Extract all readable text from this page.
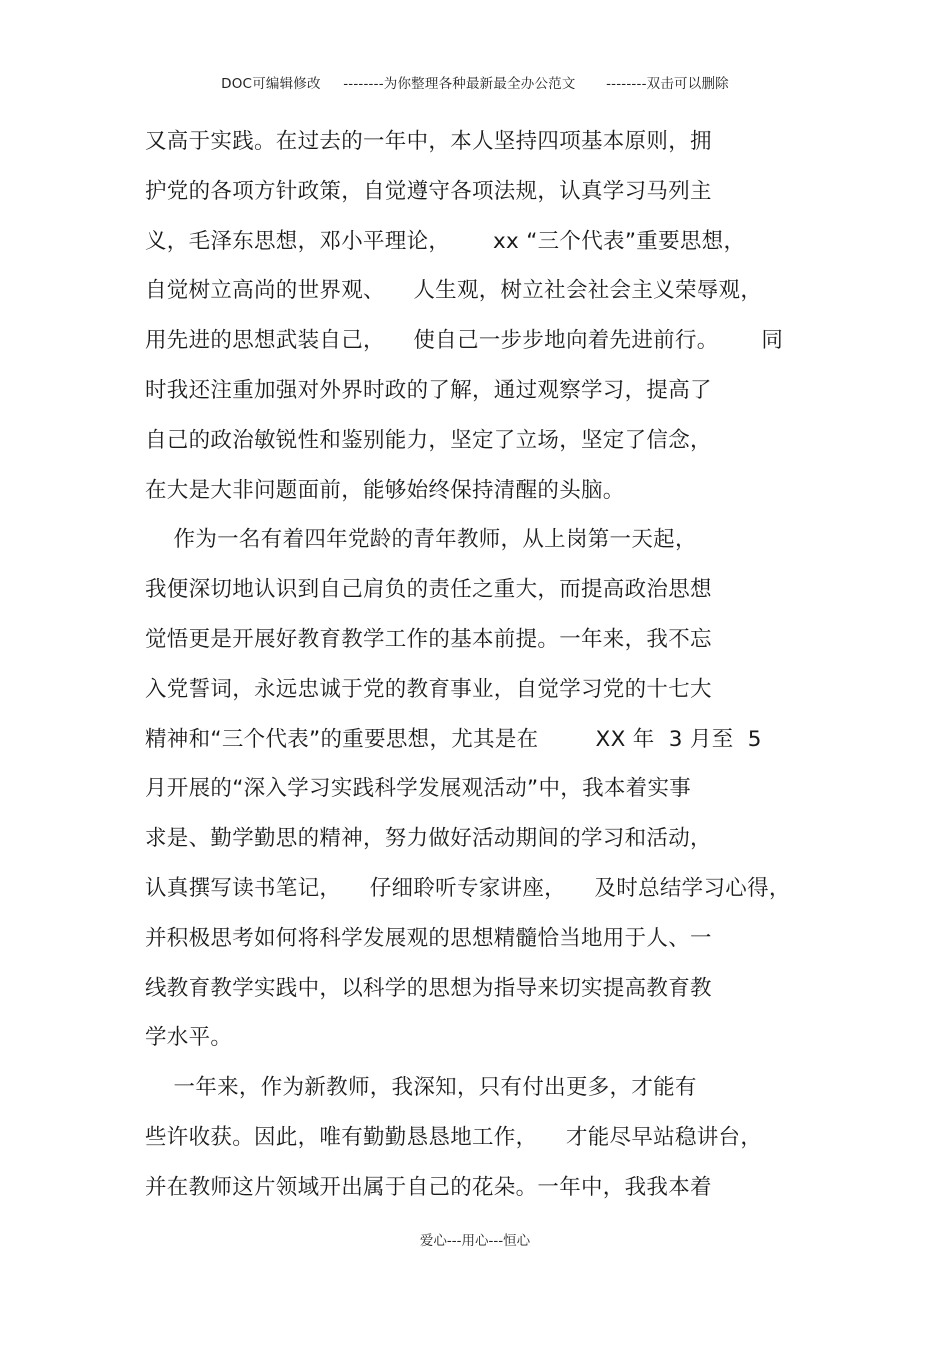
DOC可编辑修改 --------为你整理各种最新最全办公范文 --------双击可以删除
又高于实践。在过去的一年中，本人坚持四项基本原则，拥
护党的各项方针政策，自觉遵守各项法规，认真学习马列主
义，毛泽东思想，邓小平理论，      xx “三个代表”重要思想，
自觉树立高尚的世界观、    人生观，树立社会社会主义荣辱观，
用先进的思想武装自己，    使自己一步步地向着先进前行。      同
时我还注重加强对外界时政的了解，通过观察学习，提高了
自己的政治敏锐性和鉴别能力，坚定了立场，坚定了信念，
在大是大非问题面前，能够始终保持清醒的头脑。
作为一名有着四年党龄的青年教师，从上岗第一天起，
我便深切地认识到自己肩负的责任之重大，而提高政治思想
觉悟更是开展好教育教学工作的基本前提。一年来，我不忘
入党誓词，永远忠诚于党的教育事业，自觉学习党的十七大
精神和“三个代表”的重要思想，尤其是在        XX 年  3 月至  5
月开展的“深入学习实践科学发展观活动”中，我本着实事
求是、勤学勤思的精神，努力做好活动期间的学习和活动，
认真撰写读书笔记，    仔细聆听专家讲座，    及时总结学习心得，
并积极思考如何将科学发展观的思想精髓恰当地用于人、一
线教育教学实践中，以科学的思想为指导来切实提高教育教
学水平。
一年来，作为新教师，我深知，只有付出更多，才能有
些许收获。因此，唯有勤勤恳恳地工作，    才能尽早站稳讲台，
并在教师这片领域开出属于自己的花朵。一年中，我我本着
爱心---用心---恒心
